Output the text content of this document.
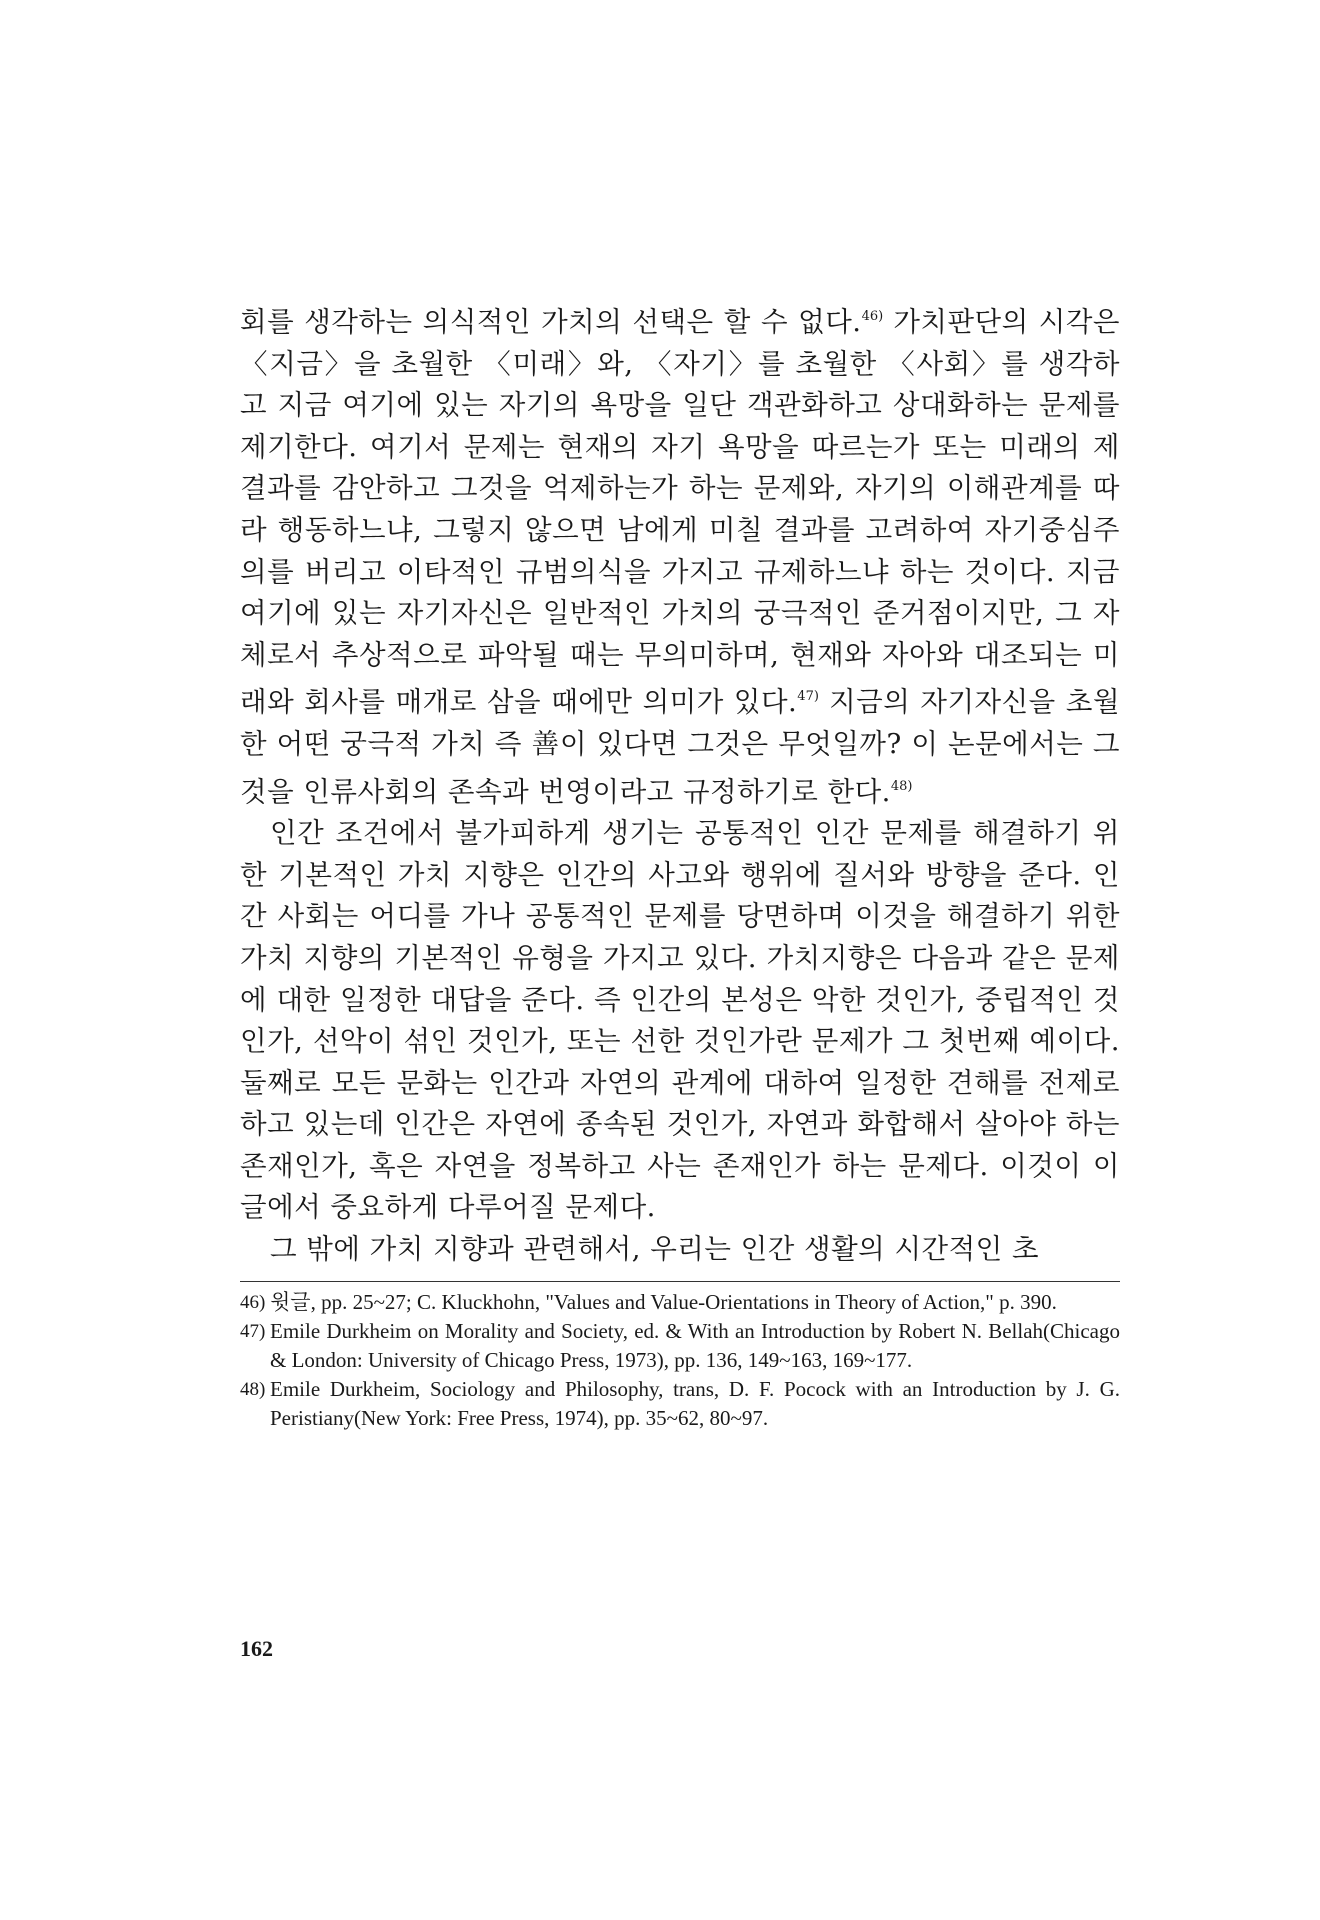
회를 생각하는 의식적인 가치의 선택은 할 수 없다.$^{46)}$ 가치판단의 시각은 〈지금〉을 초월한 〈미래〉와, 〈자기〉를 초월한 〈사회〉를 생각하고 지금 여기에 있는 자기의 욕망을 일단 객관화하고 상대화하는 문제를 제기한다. 여기서 문제는 현재의 자기 욕망을 따르는가 또는 미래의 제 결과를 감안하고 그것을 억제하는가 하는 문제와, 자기의 이해관계를 따라 행동하느냐, 그렇지 않으면 남에게 미칠 결과를 고려하여 자기중심주의를 버리고 이타적인 규범의식을 가지고 규제하느냐 하는 것이다. 지금 여기에 있는 자기자신은 일반적인 가치의 궁극적인 준거점이지만, 그 자체로서 추상적으로 파악될 때는 무의미하며, 현재와 자아와 대조되는 미래와 회사를 매개로 삼을 때에만 의미가 있다.$^{47)}$ 지금의 자기자신을 초월한 어떤 궁극적 가치 즉 善이 있다면 그것은 무엇일까? 이 논문에서는 그것을 인류사회의 존속과 번영이라고 규정하기로 한다.$^{48)}$

인간 조건에서 불가피하게 생기는 공통적인 인간 문제를 해결하기 위한 기본적인 가치 지향은 인간의 사고와 행위에 질서와 방향을 준다. 인간 사회는 어디를 가나 공통적인 문제를 당면하며 이것을 해결하기 위한 가치 지향의 기본적인 유형을 가지고 있다. 가치지향은 다음과 같은 문제에 대한 일정한 대답을 준다. 즉 인간의 본성은 악한 것인가, 중립적인 것인가, 선악이 섞인 것인가, 또는 선한 것인가란 문제가 그 첫번째 예이다. 둘째로 모든 문화는 인간과 자연의 관계에 대하여 일정한 견해를 전제로 하고 있는데 인간은 자연에 종속된 것인가, 자연과 화합해서 살아야 하는 존재인가, 혹은 자연을 정복하고 사는 존재인가 하는 문제다. 이것이 이 글에서 중요하게 다루어질 문제다.

그 밖에 가치 지향과 관련해서, 우리는 인간 생활의 시간적인 초

46) 윗글, pp. 25~27; C. Kluckhohn, "Values and Value-Orientations in Theory of Action," p. 390.
47) Emile Durkheim on Morality and Society, ed. & With an Introduction by Robert N. Bellah(Chicago & London: University of Chicago Press, 1973), pp. 136, 149~163, 169~177.
48) Emile Durkheim, Sociology and Philosophy, trans, D. F. Pocock with an Introduction by J. G. Peristiany(New York: Free Press, 1974), pp. 35~62, 80~97.
162
